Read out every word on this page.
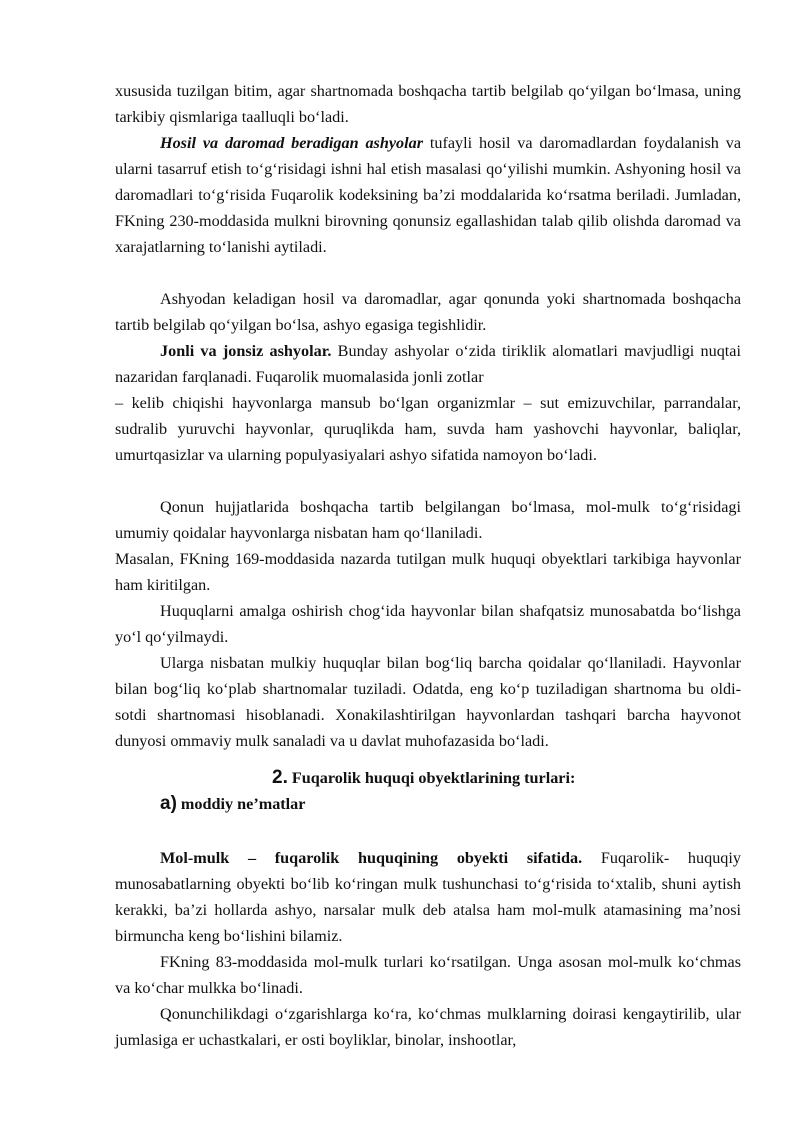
xususida tuzilgan bitim, agar shartnomada boshqacha tartib belgilab qo‘yilgan bo‘lmasa, uning tarkibiy qismlariga taalluqli bo‘ladi.

Hosil va daromad beradigan ashyolar tufayli hosil va daromadlardan foydalanish va ularni tasarruf etish to‘g‘risidagi ishni hal etish masalasi qo‘yilishi mumkin. Ashyoning hosil va daromadlari to‘g‘risida Fuqarolik kodeksining ba’zi moddalarida ko‘rsatma beriladi. Jumladan, FKning 230-moddasida mulkni birovning qonunsiz egallashidan talab qilib olishda daromad va xarajatlarning to‘lanishi aytiladi.

Ashyodan keladigan hosil va daromadlar, agar qonunda yoki shartnomada boshqacha tartib belgilab qo‘yilgan bo‘lsa, ashyo egasiga tegishlidir.

Jonli va jonsiz ashyolar. Bunday ashyolar o‘zida tiriklik alomatlari mavjudligi nuqtai nazaridan farqlanadi. Fuqarolik muomalasida jonli zotlar

– kelib chiqishi hayvonlarga mansub bo‘lgan organizmlar – sut emizuvchilar, parrandalar, sudralib yuruvchi hayvonlar, quruqlikda ham, suvda ham yashovchi hayvonlar, baliqlar, umurtqasizlar va ularning populyasiyalari ashyo sifatida namoyon bo‘ladi.

Qonun hujjatlarida boshqacha tartib belgilangan bo‘lmasa, mol-mulk to‘g‘risidagi umumiy qoidalar hayvonlarga nisbatan ham qo‘llaniladi.

Masalan, FKning 169-moddasida nazarda tutilgan mulk huquqi obyektlari tarkibiga hayvonlar ham kiritilgan.

Huquqlarni amalga oshirish chog‘ida hayvonlar bilan shafqatsiz munosabatda bo‘lishga yo‘l qo‘yilmaydi.

Ularga nisbatan mulkiy huquqlar bilan bog‘liq barcha qoidalar qo‘llaniladi. Hayvonlar bilan bog‘liq ko‘plab shartnomalar tuziladi. Odatda, eng ko‘p tuziladigan shartnoma bu oldi-sotdi shartnomasi hisoblanadi. Xonakilashtirilgan hayvonlardan tashqari barcha hayvonot dunyosi ommaviy mulk sanaladi va u davlat muhofazasida bo‘ladi.

2. Fuqarolik huquqi obyektlarining turlari:

a) moddiy ne’matlar

Mol-mulk – fuqarolik huquqining obyekti sifatida. Fuqarolik- huquqiy munosabatlarning obyekti bo‘lib ko‘ringan mulk tushunchasi to‘g‘risida to‘xtalib, shuni aytish kerakki, ba’zi hollarda ashyo, narsalar mulk deb atalsa ham mol-mulk atamasining ma’nosi birmuncha keng bo‘lishini bilamiz.

FKning 83-moddasida mol-mulk turlari ko‘rsatilgan. Unga asosan mol-mulk ko‘chmas va ko‘char mulkka bo‘linadi.

Qonunchilikdagi o‘zgarishlarga ko‘ra, ko‘chmas mulklarning doirasi kengaytirilib, ular jumlasiga er uchastkalari, er osti boyliklar, binolar, inshootlar,
